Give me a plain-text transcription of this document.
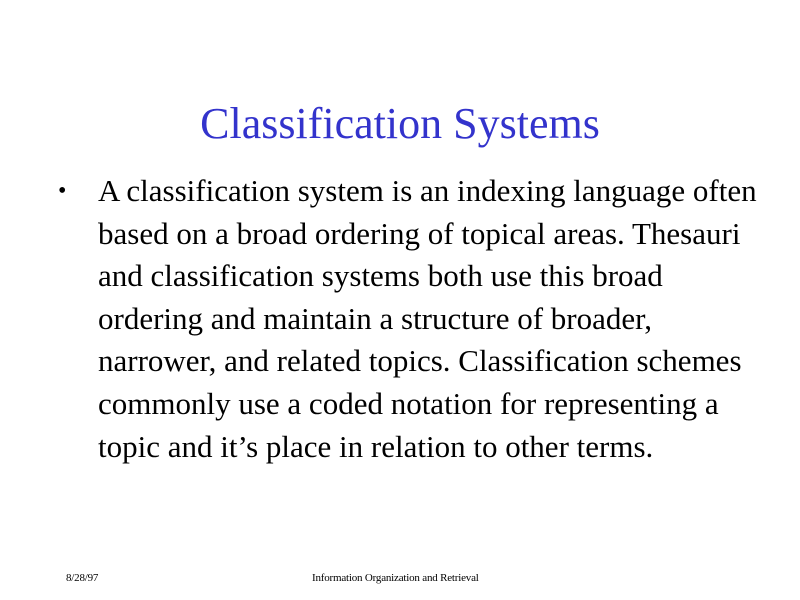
Classification Systems
•	A classification system is an indexing language often based on a broad ordering of topical areas. Thesauri and classification systems both use this broad ordering and maintain a structure of broader, narrower, and related topics. Classification schemes commonly use a coded notation for representing a topic and it’s place in relation to other terms.
8/28/97	Information Organization and Retrieval
